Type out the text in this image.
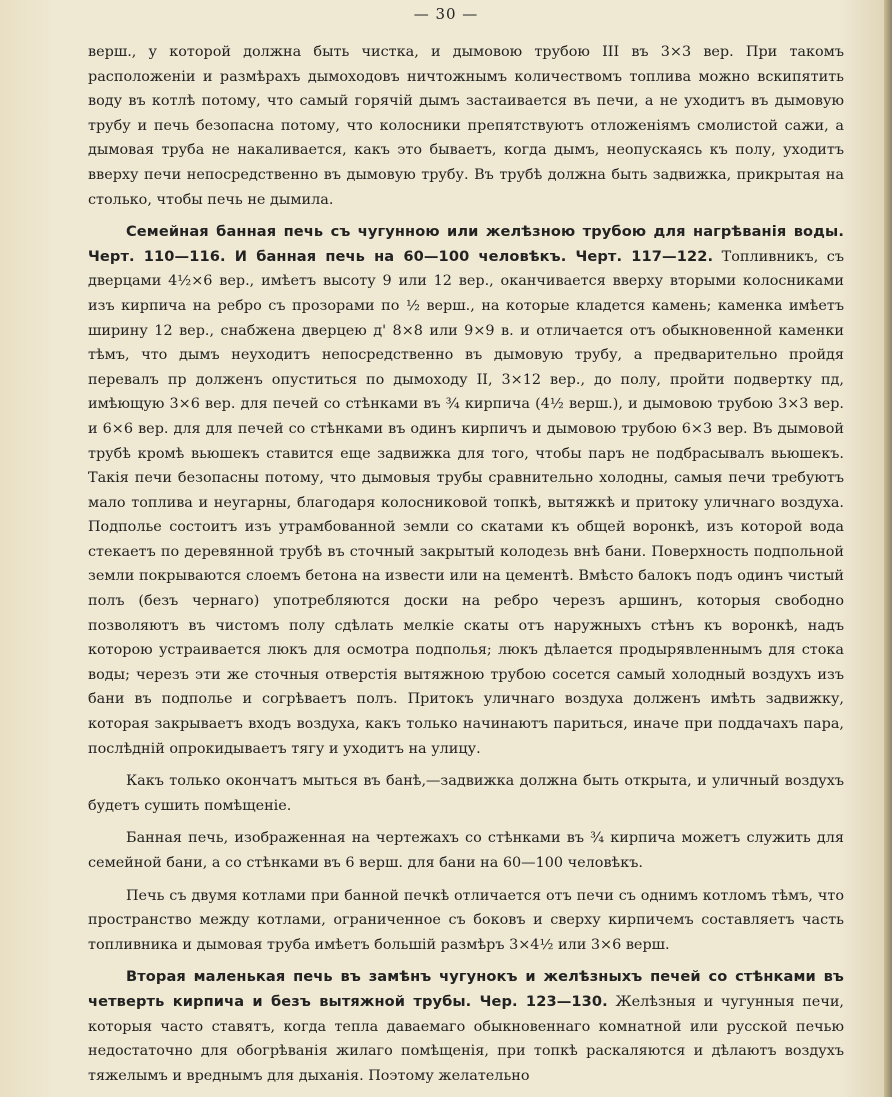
— 30 —

верш., у которой должна быть чистка, и дымовою трубою III въ 3×3 вер. При такомъ расположеніи и размѣрахъ дымоходовъ ничтожнымъ количествомъ топлива можно вскипятить воду въ котлѣ потому, что самый горячій дымъ застаивается въ печи, а не уходитъ въ дымовую трубу и печь безопасна потому, что колосники препятствуютъ отложеніямъ смолистой сажи, а дымовая труба не накаливается, какъ это бываетъ, когда дымъ, неопускаясь къ полу, уходитъ вверху печи непосредственно въ дымовую трубу. Въ трубѣ должна быть задвижка, прикрытая на столько, чтобы печь не дымила.

Семейная банная печь съ чугунною или желѣзною трубою для нагрѣванія воды. Черт. 110—116. И банная печь на 60—100 человѣкъ. Черт. 117—122. Топливникъ, съ дверцами 4½×6 вер., имѣетъ высоту 9 или 12 вер., оканчивается вверху вторыми колосниками изъ кирпича на ребро съ прозорами по ½ верш., на которые кладется камень; каменка имѣетъ ширину 12 вер., снабжена дверцею д' 8×8 или 9×9 в. и отличается отъ обыкновенной каменки тѣмъ, что дымъ неуходитъ непосредственно въ дымовую трубу, а предварительно пройдя перевалъ пр долженъ опуститься по дымоходу II, 3×12 вер., до полу, пройти подвертку пд, имѣющую 3×6 вер. для печей со стѣнками въ ¾ кирпича (4½ верш.), и дымовою трубою 3×3 вер. и 6×6 вер. для для печей со стѣнками въ одинъ кирпичъ и дымовою трубою 6×3 вер. Въ дымовой трубѣ кромѣ вьюшекъ ставится еще задвижка для того, чтобы паръ не подбрасывалъ вьюшекъ. Такія печи безопасны потому, что дымовыя трубы сравнительно холодны, самыя печи требуютъ мало топлива и неугарны, благодаря колосниковой топкѣ, вытяжкѣ и притоку уличнаго воздуха. Подполье состоитъ изъ утрамбованной земли со скатами къ общей воронкѣ, изъ которой вода стекаетъ по деревянной трубѣ въ сточный закрытый колодезь внѣ бани. Поверхность подпольной земли покрываются слоемъ бетона на извести или на цементѣ. Вмѣсто балокъ подъ одинъ чистый полъ (безъ чернаго) употребляются доски на ребро черезъ аршинъ, которыя свободно позволяютъ въ чистомъ полу сдѣлать мелкіе скаты отъ наружныхъ стѣнъ къ воронкѣ, надъ которою устраивается люкъ для осмотра подполья; люкъ дѣлается продырявленнымъ для стока воды; черезъ эти же сточныя отверстія вытяжною трубою сосется самый холодный воздухъ изъ бани въ подполье и согрѣваетъ полъ. Притокъ уличнаго воздуха долженъ имѣть задвижку, которая закрываетъ входъ воздуха, какъ только начинаютъ париться, иначе при поддачахъ пара, послѣдній опрокидываетъ тягу и уходитъ на улицу.

Какъ только окончатъ мыться въ банѣ,—задвижка должна быть открыта, и уличный воздухъ будетъ сушить помѣщеніе.

Банная печь, изображенная на чертежахъ со стѣнками въ ¾ кирпича можетъ служить для семейной бани, а со стѣнками въ 6 верш. для бани на 60—100 человѣкъ.

Печь съ двумя котлами при банной печкѣ отличается отъ печи съ однимъ котломъ тѣмъ, что пространство между котлами, ограниченное съ боковъ и сверху кирпичемъ составляетъ часть топливника и дымовая труба имѣетъ большій размѣръ 3×4½ или 3×6 верш.

Вторая маленькая печь въ замѣнъ чугунокъ и желѣзныхъ печей со стѣнками въ четверть кирпича и безъ вытяжной трубы. Чер. 123—130. Желѣзныя и чугунныя печи, которыя часто ставятъ, когда тепла даваемаго обыкновеннаго комнатной или русской печью недостаточно для обогрѣванія жилаго помѣщенія, при топкѣ раскаляются и дѣлаютъ воздухъ тяжелымъ и вреднымъ для дыханія. Поэтому желательно
